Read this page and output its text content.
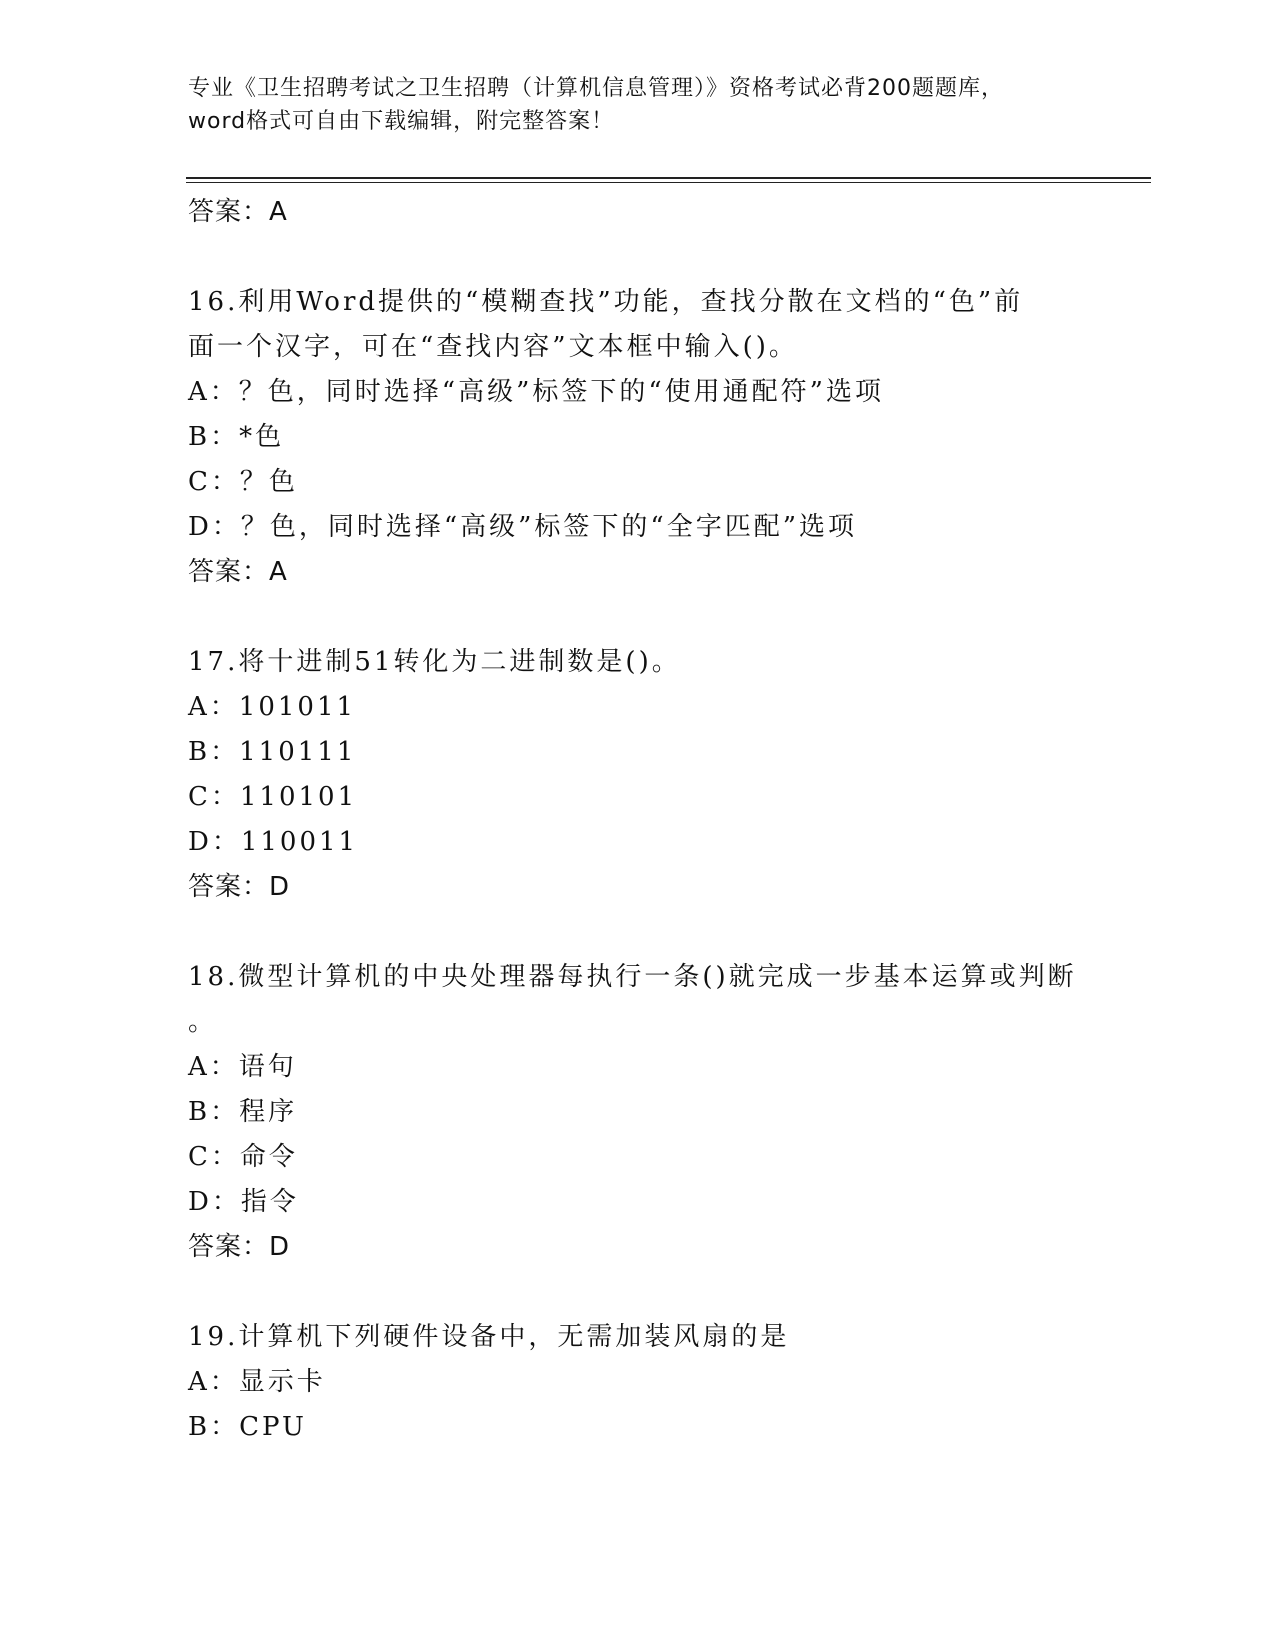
专业《卫生招聘考试之卫生招聘（计算机信息管理）》资格考试必背200题题库，
word格式可自由下载编辑，附完整答案！
答案：A
16.利用Word提供的“模糊查找”功能，查找分散在文档的“色”前
面一个汉字，可在“查找内容”文本框中输入()。
A：？色，同时选择“高级”标签下的“使用通配符”选项
B：*色
C：？色
D：？色，同时选择“高级”标签下的“全字匹配”选项
答案：A
17.将十进制51转化为二进制数是()。
A：101011
B：110111
C：110101
D：110011
答案：D
18.微型计算机的中央处理器每执行一条()就完成一步基本运算或判断
。
A：语句
B：程序
C：命令
D：指令
答案：D
19.计算机下列硬件设备中，无需加装风扇的是
A：显示卡
B：CPU
